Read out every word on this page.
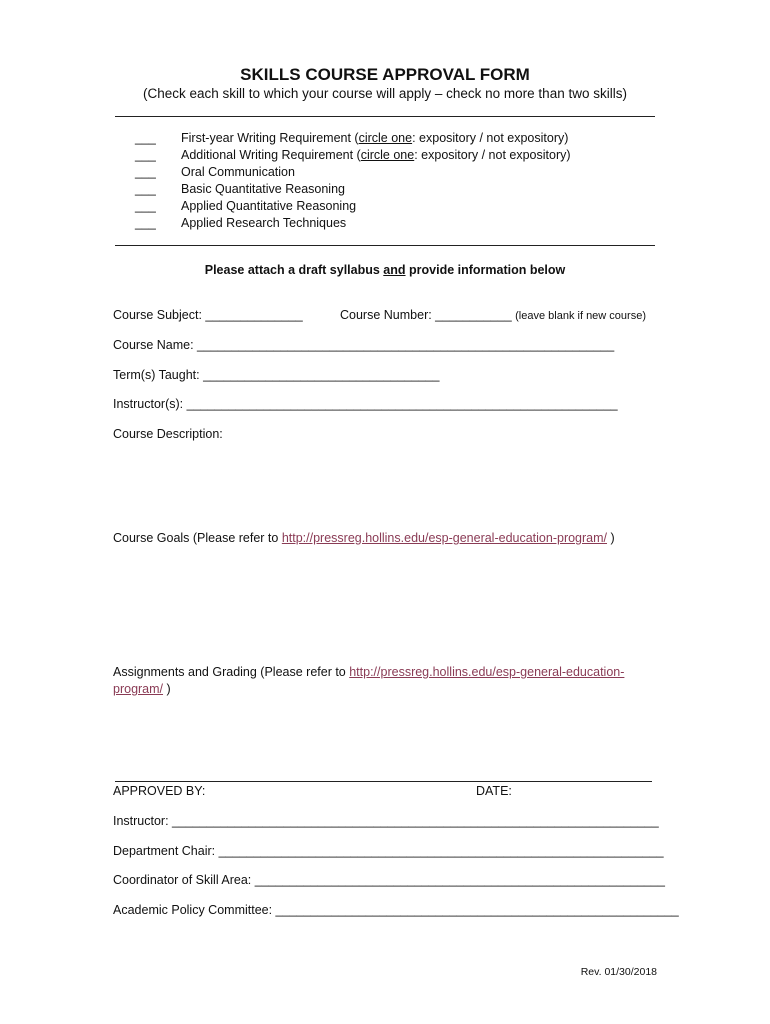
SKILLS COURSE APPROVAL FORM
(Check each skill to which your course will apply – check no more than two skills)
___ First-year Writing Requirement (circle one: expository / not expository)
___ Additional Writing Requirement (circle one: expository / not expository)
___ Oral Communication
___ Basic Quantitative Reasoning
___ Applied Quantitative Reasoning
___ Applied Research Techniques
Please attach a draft syllabus and provide information below
Course Subject: ______________	Course Number: ___________ (leave blank if new course)
Course Name: ____________________________________________________________
Term(s) Taught: __________________________________
Instructor(s): ______________________________________________________________
Course Description:
Course Goals (Please refer to http://pressreg.hollins.edu/esp-general-education-program/ )
Assignments and Grading (Please refer to http://pressreg.hollins.edu/esp-general-education-
program/ )
APPROVED BY:	DATE:
Instructor: ______________________________________________________________________
Department Chair: ________________________________________________________________
Coordinator of Skill Area: ___________________________________________________________
Academic Policy Committee: __________________________________________________________
Rev. 01/30/2018
